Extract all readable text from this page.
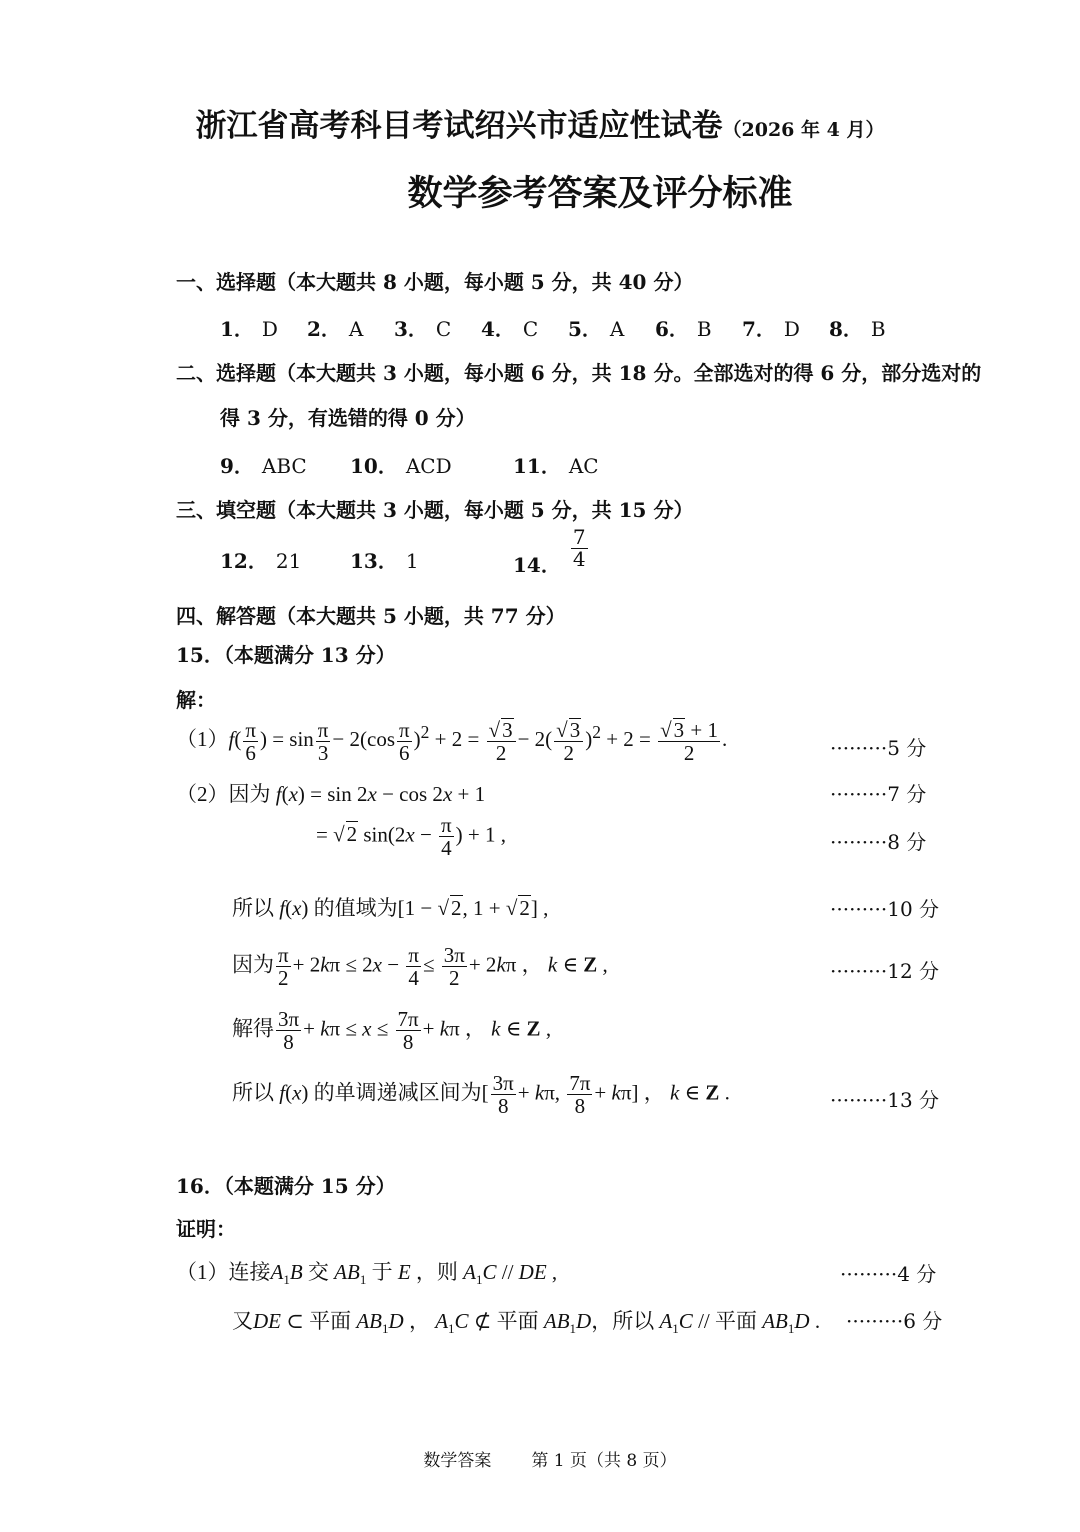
浙江省高考科目考试绍兴市适应性试卷（2026 年 4 月）
数学参考答案及评分标准
一、选择题（本大题共 8 小题，每小题 5 分，共 40 分）
1． D 2． A 3． C 4． C 5． A 6． B 7． D 8． B
二、选择题（本大题共 3 小题，每小题 6 分，共 18 分。全部选对的得 6 分，部分选对的
得 3 分，有选错的得 0 分）
9． ABC 10． ACD	11． AC
三、填空题（本大题共 3 小题，每小题 5 分，共 15 分）
12． 21 13． 1	14． $\frac{7}{4}$
四、解答题（本大题共 5 小题，共 77 分）
15．（本题满分 13 分）
解：
$(1)f( \frac{\pi}{6}$ ) = $\sin \frac{\pi}{3} - 2(\cos \frac{\pi}{6} )^2 + 2 = \frac{√3}{2} - 2( \frac{√3}{2} )^2 + 2 = \frac{√3 + 1}{2}$ .	·········5 分
（2）因为 f(x) = sin 2x − cos 2x + 1	·········7 分
= √2 $\sin(2x - \frac{\pi}{4}$ ) + 1 ,	·········8 分
所以 f(x) 的值域为[1 − √2, 1 + √2] ,	·········10 分
因为 $\frac{\pi}{2} + 2k\pi \le 2x - \frac{\pi}{4} \le \frac{3\pi}{2} + 2k\pi$ ， k ∈ Z ,	·········12 分
解得 $\frac{3\pi}{8} + k\pi \le x \le \frac{7\pi}{8} + k\pi$ ， k ∈ Z ,
所以 f(x) 的单调递减区间为[ $\frac{3\pi}{8} + k\pi$, $\frac{7\pi}{8} + k\pi$] ， k ∈ Z .	·········13 分
16．（本题满分 15 分）
证明：
（1）连接$A_1B$ 交 $AB_1$ 于 E ，则 $A_1C$ // DE ,	·········4 分
又DE ⊂ 平面 $AB_1D$ ， $A_1C$ ⊄ 平面 $AB_1D$，所以 $A_1C$ // 平面 $AB_1D$ . ·········6 分
数学答案 第 1 页（共 8 页）
